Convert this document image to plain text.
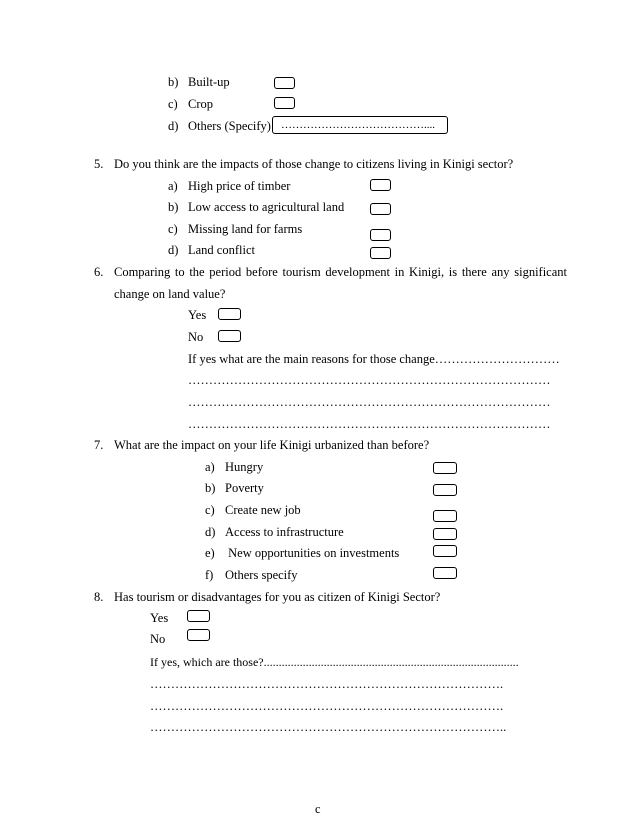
b) Built-up
c) Crop
d) Others (Specify) …………………………………....
5. Do you think are the impacts of those change to citizens living in Kinigi sector?
a) High price of timber
b) Low access to agricultural land
c) Missing land for farms
d) Land conflict
6. Comparing to the period before tourism development in Kinigi, is there any significant
change on land value?
Yes
No
If yes what are the main reasons for those change…………………………
……………………………………………………………………………
……………………………………………………………………………
……………………………………………………………………………
7. What are the impact on your life Kinigi urbanized than before?
a) Hungry
b) Poverty
c) Create new job
d) Access to infrastructure
e) New opportunities on investments
f) Others specify
8. Has tourism or disadvantages for you as citizen of Kinigi Sector?
Yes
No
If yes, which are those?.....................................................................................
………………………………………………………………………….
………………………………………………………………………….
…………………………………………………………………………..
c
